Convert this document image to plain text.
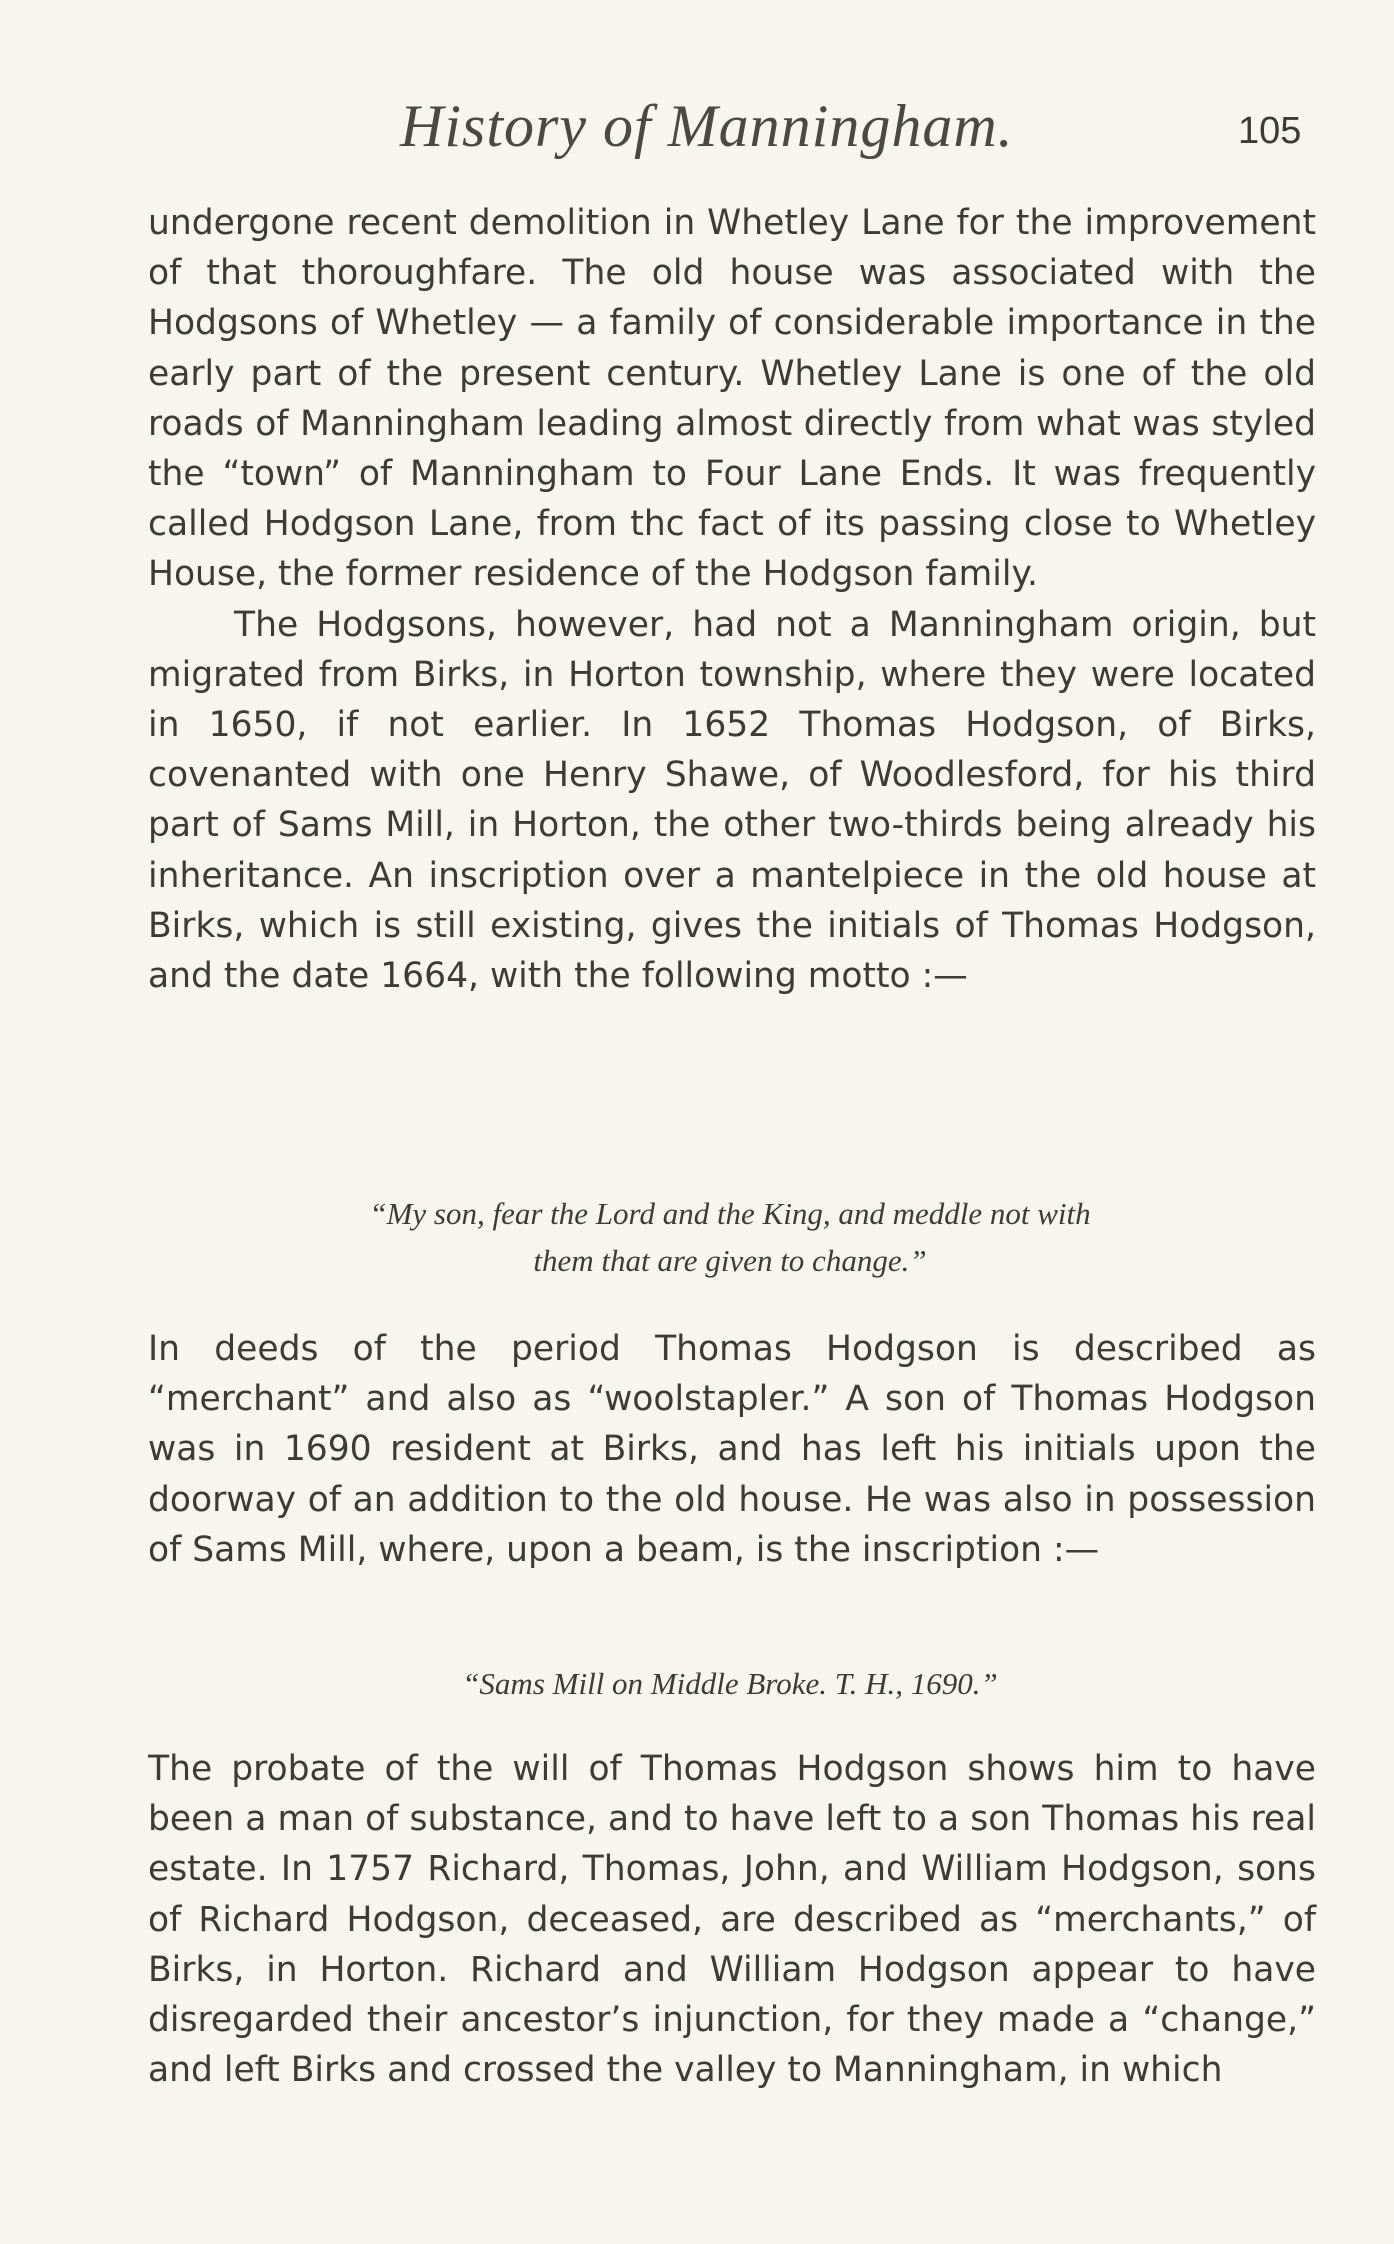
History of Manningham.	105

undergone recent demolition in Whetley Lane for the improvement of that thoroughfare. The old house was associated with the Hodgsons of Whetley — a family of considerable importance in the early part of the present century. Whetley Lane is one of the old roads of Manningham leading almost directly from what was styled the “town” of Manningham to Four Lane Ends. It was frequently called Hodgson Lane, from thc fact of its passing close to Whetley House, the former residence of the Hodgson family.

The Hodgsons, however, had not a Manningham origin, but migrated from Birks, in Horton township, where they were located in 1650, if not earlier. In 1652 Thomas Hodgson, of Birks, covenanted with one Henry Shawe, of Woodlesford, for his third part of Sams Mill, in Horton, the other two-thirds being already his inheritance. An inscription over a mantelpiece in the old house at Birks, which is still existing, gives the initials of Thomas Hodgson, and the date 1664, with the following motto :—

“My son, fear the Lord and the King, and meddle not with
them that are given to change.”

In deeds of the period Thomas Hodgson is described as “merchant” and also as “woolstapler.” A son of Thomas Hodgson was in 1690 resident at Birks, and has left his initials upon the doorway of an addition to the old house. He was also in possession of Sams Mill, where, upon a beam, is the inscription :—

“Sams Mill on Middle Broke. T. H., 1690.”

The probate of the will of Thomas Hodgson shows him to have been a man of substance, and to have left to a son Thomas his real estate. In 1757 Richard, Thomas, John, and William Hodgson, sons of Richard Hodgson, deceased, are described as “merchants,” of Birks, in Horton. Richard and William Hodgson appear to have disregarded their ancestor’s injunction, for they made a “change,” and left Birks and crossed the valley to Manningham, in which
